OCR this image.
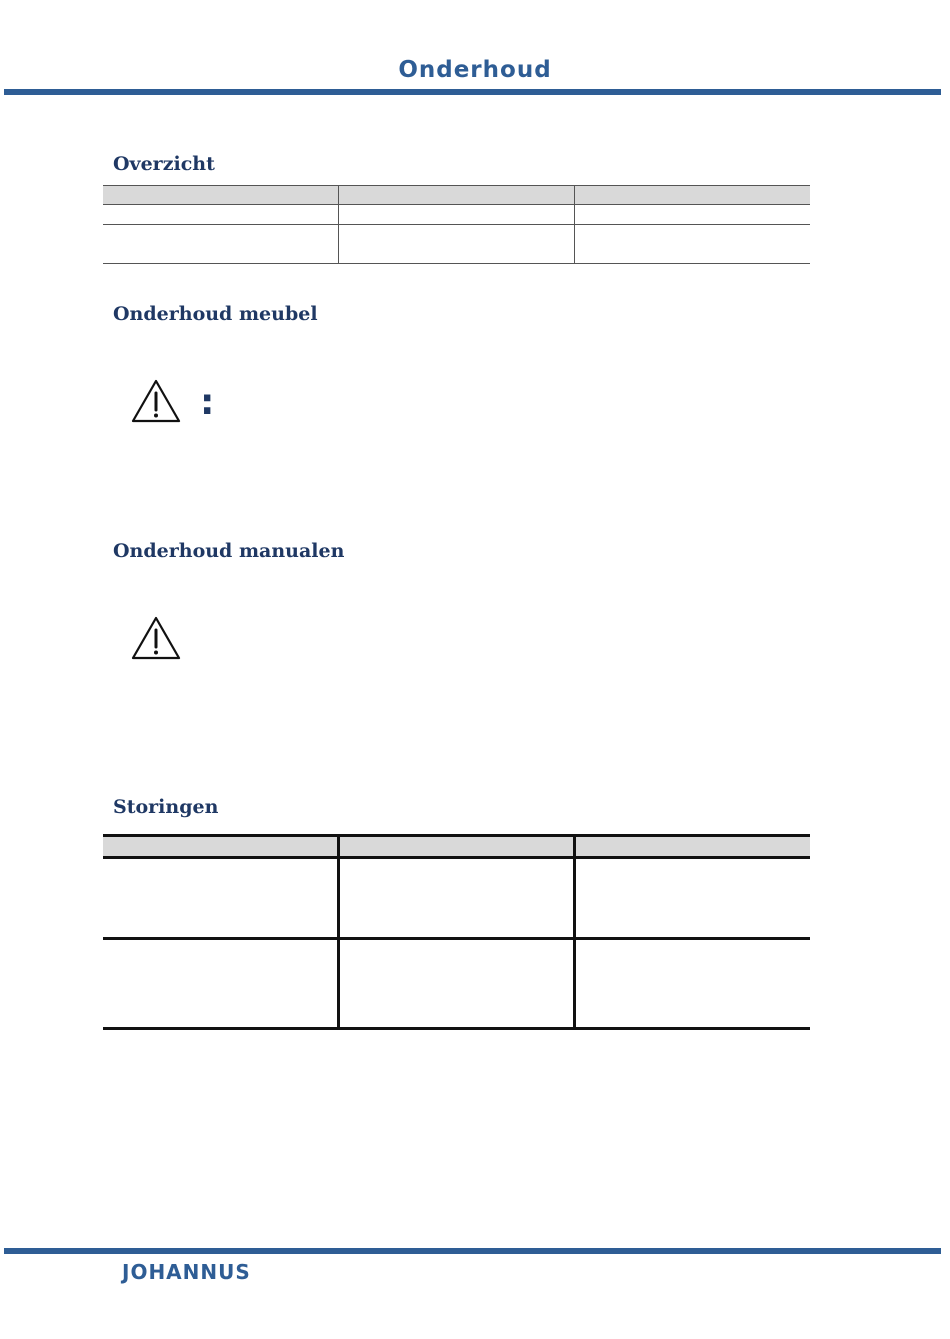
Onderhoud
Overzicht

Onderhoud meubel
:
Onderhoud manualen
Storingen

JOHANNUS
